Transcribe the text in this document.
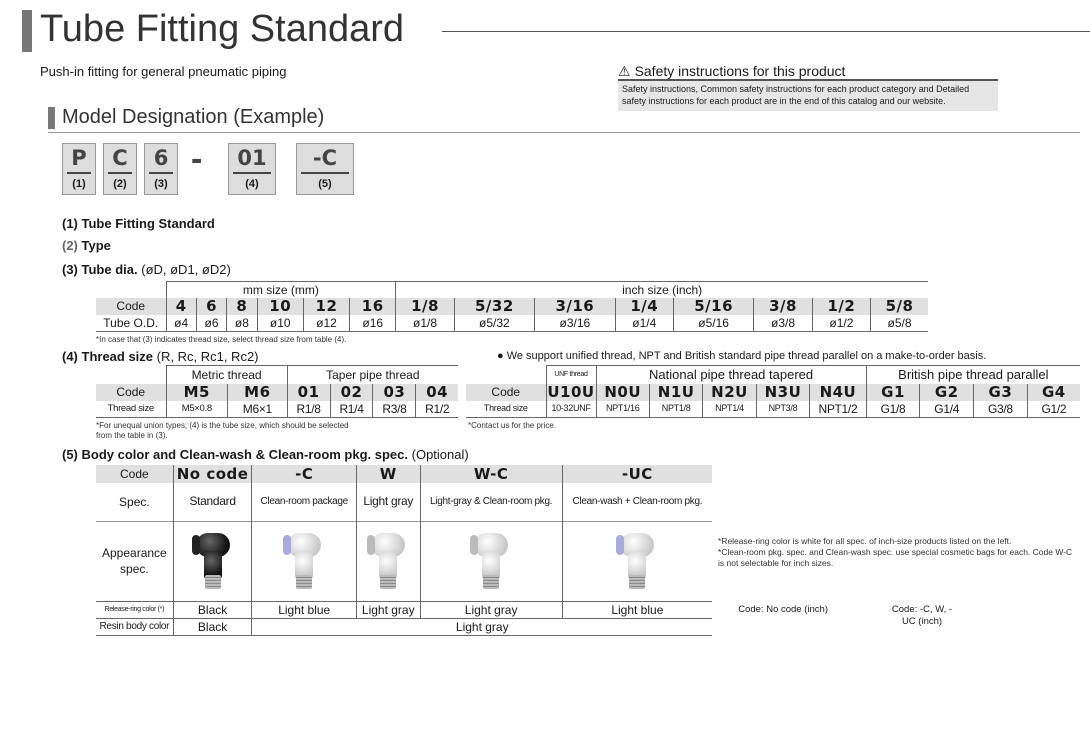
Tube Fitting Standard
Push-in fitting for general pneumatic piping	⚠ Safety instructions for this product
Safety instructions, Common safety instructions for each product category and Detailed safety instructions for each product are in the end of this catalog and our website.
Model Designation (Example)
P
(1)
C
(2)
6
(3)
- 01
(4)
-C
(5)
(1) Tube Fitting Standard
(2) Type
(3) Tube dia. (øD, øD1, øD2)
	mm size (mm)						inch size (inch)							
Code	4	6	8	10	12	16	1/8	5/32	3/16	1/4	5/16	3/8	1/2	5/8
Tube O.D.	ø4	ø6	ø8	ø10	ø12	ø16	ø1/8	ø5/32	ø3/16	ø1/4	ø5/16	ø3/8	ø1/2	ø5/8
*In case that (3) indicates thread size, select thread size from table (4).
(4) Thread size (R, Rc, Rc1, Rc2)	● We support unified thread, NPT and British standard pipe thread parallel on a make-to-order basis.
	Metric thread		Taper pipe thread			
Code	M5	M6	01	02	03	04
Thread size	M5×0.8	M6×1	R1/8	R1/4	R3/8	R1/2
*For unequal union types, (4) is the tube size, which should be selected
from the table in (3).
	UNF thread	National pipe thread tapered					British pipe thread parallel			
Code	U10U	N0U	N1U	N2U	N3U	N4U	G1	G2	G3	G4
Thread size	10-32UNF	NPT1/16	NPT1/8	NPT1/4	NPT3/8	NPT1/2	G1/8	G1/4	G3/8	G1/2
*Contact us for the price.
(5) Body color and Clean-wash & Clean-room pkg. spec. (Optional)
Code	No code	-C	W	W-C	-UC
Spec.	Standard	Clean-room package	Light gray	Light-gray & Clean-room pkg.	Clean-wash + Clean-room pkg.
Appearance spec.	

Release-ring color (*)	Black	Light blue	Light gray	Light gray	Light blue
Resin body color	Black	Light gray			
*Release-ring color is white for all spec. of inch-size products listed on the left.
*Clean-room pkg. spec. and Clean-wash spec. use special cosmetic bags for each. Code W-C is not selectable for inch sizes.
Code: No code (inch)	Code: -C, W, -UC (inch)
